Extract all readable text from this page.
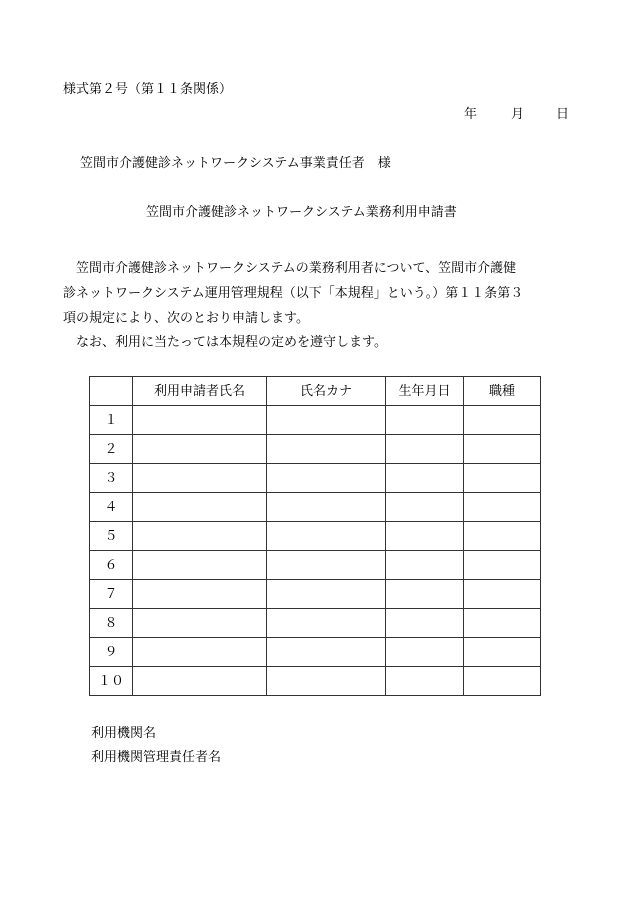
様式第２号（第１１条関係）
年	月	日
笠間市介護健診ネットワークシステム事業責任者　様
笠間市介護健診ネットワークシステム業務利用申請書
笠間市介護健診ネットワークシステムの業務利用者について、笠間市介護健
診ネットワークシステム運用管理規程（以下「本規程」という。）第１１条第３
項の規定により、次のとおり申請します。
なお、利用に当たっては本規程の定めを遵守します。
	利用申請者氏名	氏名カナ	生年月日	職種
１				
２				
３				
４				
５				
６				
７				
８				
９				
１０				
利用機関名
利用機関管理責任者名
